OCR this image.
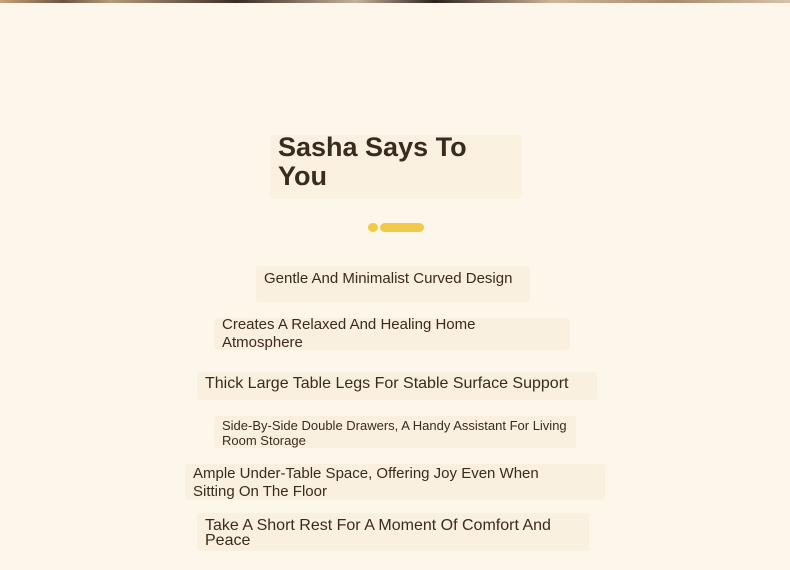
Sasha Says To You
Gentle And Minimalist Curved Design
Creates A Relaxed And Healing Home Atmosphere
Thick Large Table Legs For Stable Surface Support
Side-By-Side Double Drawers, A Handy Assistant For Living Room Storage
Ample Under-Table Space, Offering Joy Even When Sitting On The Floor
Take A Short Rest For A Moment Of Comfort And Peace
